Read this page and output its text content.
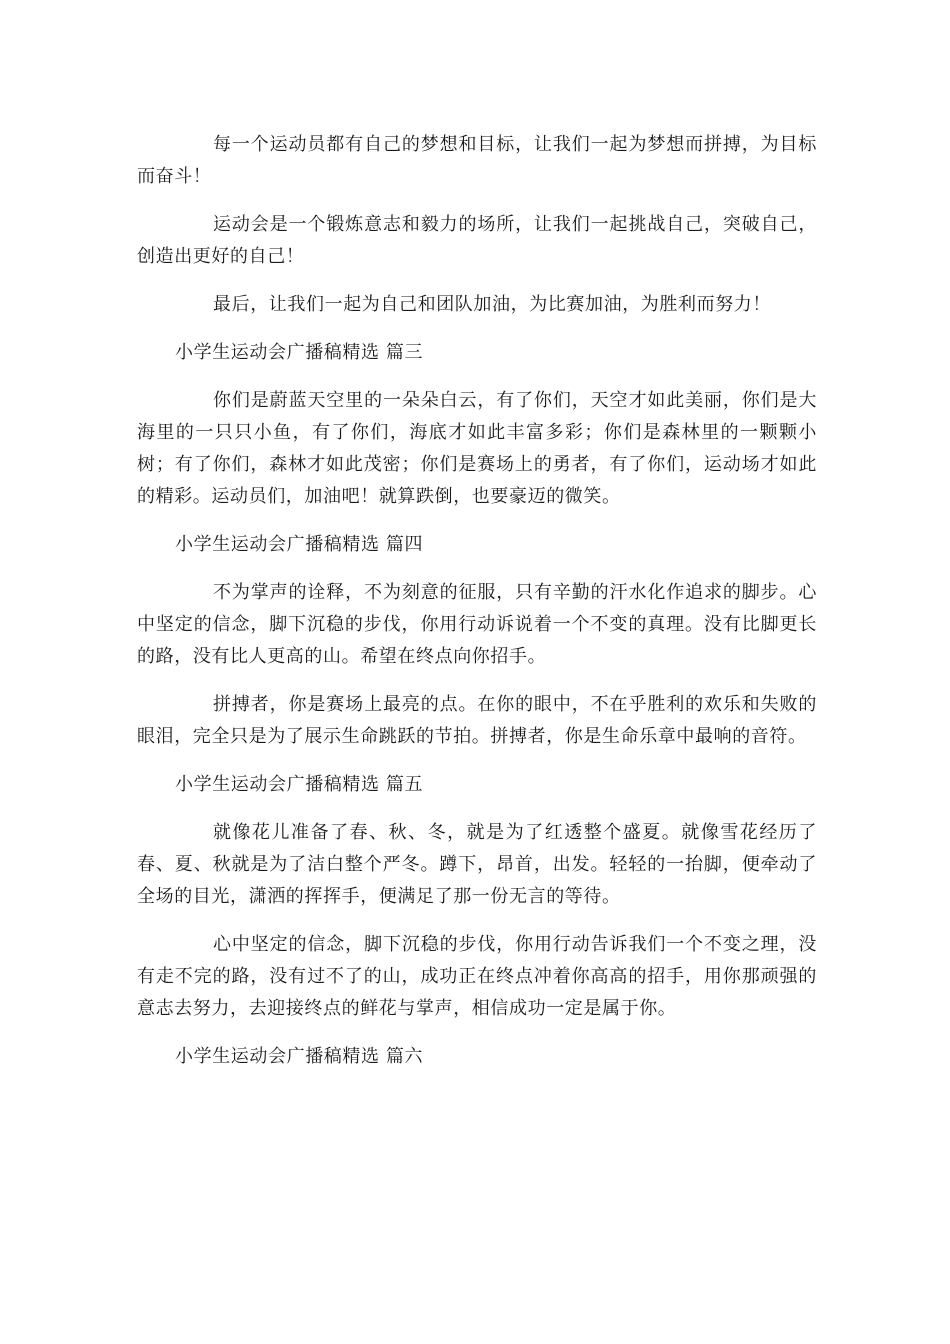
每一个运动员都有自己的梦想和目标，让我们一起为梦想而拼搏，为目标而奋斗！

运动会是一个锻炼意志和毅力的场所，让我们一起挑战自己，突破自己，创造出更好的自己！

最后，让我们一起为自己和团队加油，为比赛加油，为胜利而努力！

小学生运动会广播稿精选 篇三

你们是蔚蓝天空里的一朵朵白云，有了你们，天空才如此美丽，你们是大海里的一只只小鱼，有了你们，海底才如此丰富多彩；你们是森林里的一颗颗小树；有了你们，森林才如此茂密；你们是赛场上的勇者，有了你们，运动场才如此的精彩。运动员们，加油吧！就算跌倒，也要豪迈的微笑。

小学生运动会广播稿精选 篇四

不为掌声的诠释，不为刻意的征服，只有辛勤的汗水化作追求的脚步。心中坚定的信念，脚下沉稳的步伐，你用行动诉说着一个不变的真理。没有比脚更长的路，没有比人更高的山。希望在终点向你招手。

拼搏者，你是赛场上最亮的点。在你的眼中，不在乎胜利的欢乐和失败的眼泪，完全只是为了展示生命跳跃的节拍。拼搏者，你是生命乐章中最响的音符。

小学生运动会广播稿精选 篇五

就像花儿准备了春、秋、冬，就是为了红透整个盛夏。就像雪花经历了春、夏、秋就是为了洁白整个严冬。蹲下，昂首，出发。轻轻的一抬脚，便牵动了全场的目光，潇洒的挥挥手，便满足了那一份无言的等待。

心中坚定的信念，脚下沉稳的步伐，你用行动告诉我们一个不变之理，没有走不完的路，没有过不了的山，成功正在终点冲着你高高的招手，用你那顽强的意志去努力，去迎接终点的鲜花与掌声，相信成功一定是属于你。

小学生运动会广播稿精选 篇六
